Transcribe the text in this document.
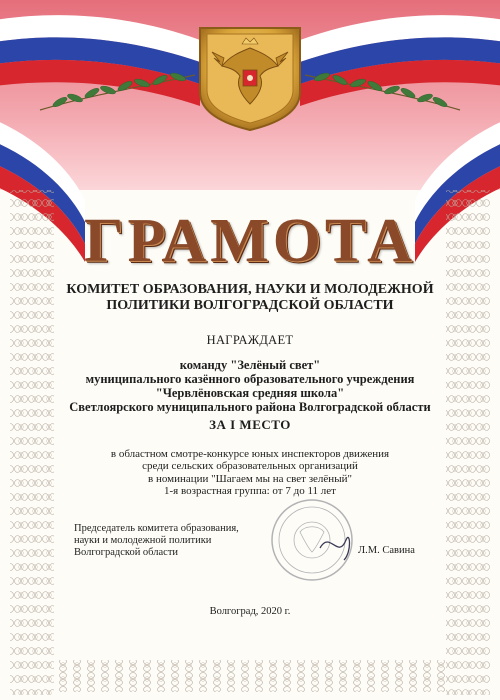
ГРАМОТА
КОМИТЕТ ОБРАЗОВАНИЯ, НАУКИ И МОЛОДЕЖНОЙ
ПОЛИТИКИ ВОЛГОГРАДСКОЙ ОБЛАСТИ
НАГРАЖДАЕТ
команду "Зелёный свет"
муниципального казённого образовательного учреждения
"Червлёновская средняя школа"
Светлоярского муниципального района Волгоградской области
ЗА I МЕСТО
в областном смотре-конкурсе юных инспекторов движения
среди сельских образовательных организаций
в номинации "Шагаем мы на свет зелёный"
1-я возрастная группа: от 7 до 11 лет
Председатель комитета образования,
науки и молодежной политики
Волгоградской области	Л.М. Савина
Волгоград, 2020 г.
